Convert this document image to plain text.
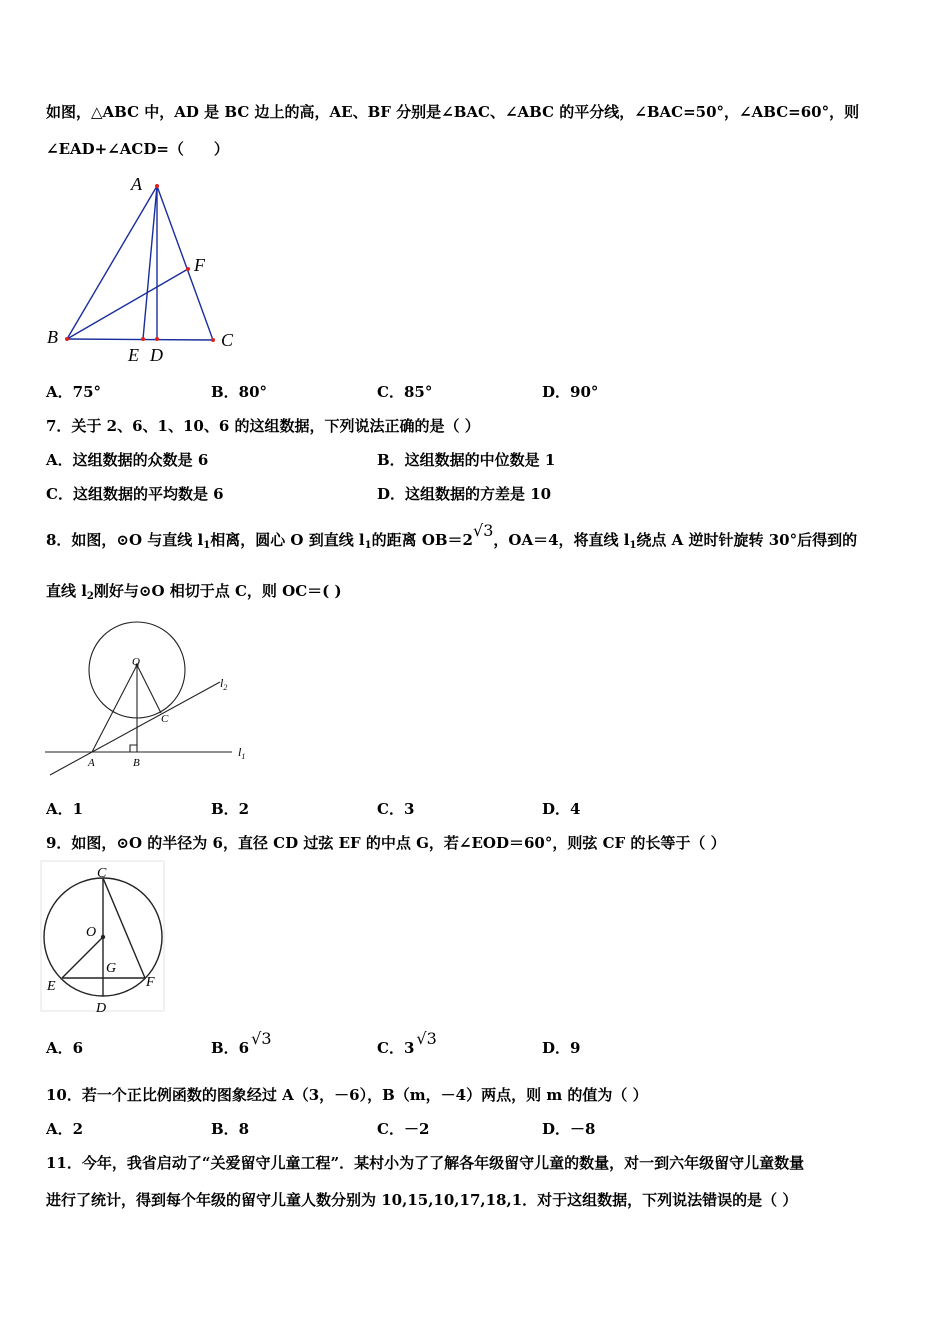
如图，△ABC 中，AD 是 BC 边上的高，AE、BF 分别是∠BAC、∠ABC 的平分线，∠BAC=50°，∠ABC=60°，则
∠EAD+∠ACD=（　　）
A
B	C
E D
F
A．75°	B．80°	C．85°	D．90°
7．关于 2、6、1、10、6 的这组数据，下列说法正确的是（ ）
A．这组数据的众数是 6	B．这组数据的中位数是 1
C．这组数据的平均数是 6	D．这组数据的方差是 10
8．如图，⊙O 与直线 $l_1$相离，圆心 O 到直线 $l_1$的距离 OB＝2√3，OA＝4，将直线 $l_1$绕点 A 逆时针旋转 30°后得到的
直线 $l_2$刚好与⊙O 相切于点 C，则 OC＝( )
O
C
A	B
$l_2$
$l_1$
A．1	B．2	C．3	D．4
9．如图，⊙O 的半径为 6，直径 CD 过弦 EF 的中点 G，若∠EOD＝60°，则弦 CF 的长等于（ ）
C
O
G
E	F
D
A．6	B．6 √3	C．3 √3	D．9
10．若一个正比例函数的图象经过 A（3，－6），B（m，－4）两点，则 m 的值为（ ）
A．2	B．8	C．－2	D．－8
11．今年，我省启动了“关爱留守儿童工程”．某村小为了了解各年级留守儿童的数量，对一到六年级留守儿童数量
进行了统计，得到每个年级的留守儿童人数分别为 10,15,10,17,18,1．对于这组数据，下列说法错误的是（ ）
